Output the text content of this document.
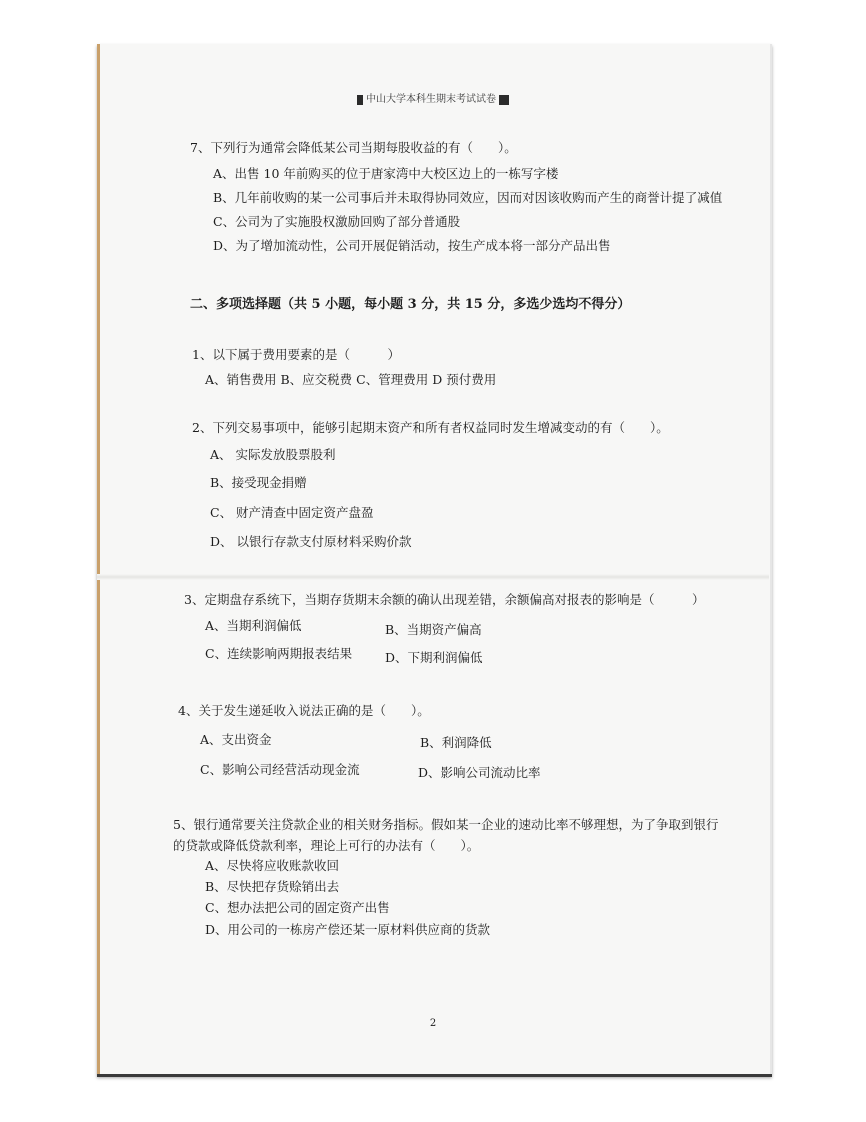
中山大学本科生期末考试试卷
7、下列行为通常会降低某公司当期每股收益的有（　　）。
A、出售 10 年前购买的位于唐家湾中大校区边上的一栋写字楼
B、几年前收购的某一公司事后并未取得协同效应，因而对因该收购而产生的商誉计提了减值
C、公司为了实施股权激励回购了部分普通股
D、为了增加流动性，公司开展促销活动，按生产成本将一部分产品出售
二、多项选择题（共 5 小题，每小题 3 分，共 15 分，多选少选均不得分）
1、以下属于费用要素的是（　　　）
A、销售费用 B、应交税费 C、管理费用 D 预付费用
2、下列交易事项中，能够引起期末资产和所有者权益同时发生增减变动的有（　　）。
A、 实际发放股票股利
B、接受现金捐赠
C、 财产清查中固定资产盘盈
D、 以银行存款支付原材料采购价款
3、定期盘存系统下，当期存货期末余额的确认出现差错，余额偏高对报表的影响是（　　　）
A、当期利润偏低	B、当期资产偏高
C、连续影响两期报表结果	D、下期利润偏低
4、关于发生递延收入说法正确的是（　　）。
A、支出资金	B、利润降低
C、影响公司经营活动现金流	D、影响公司流动比率
5、银行通常要关注贷款企业的相关财务指标。假如某一企业的速动比率不够理想，为了争取到银行
的贷款或降低贷款利率，理论上可行的办法有（　　）。
A、尽快将应收账款收回
B、尽快把存货赊销出去
C、想办法把公司的固定资产出售
D、用公司的一栋房产偿还某一原材料供应商的货款
2
